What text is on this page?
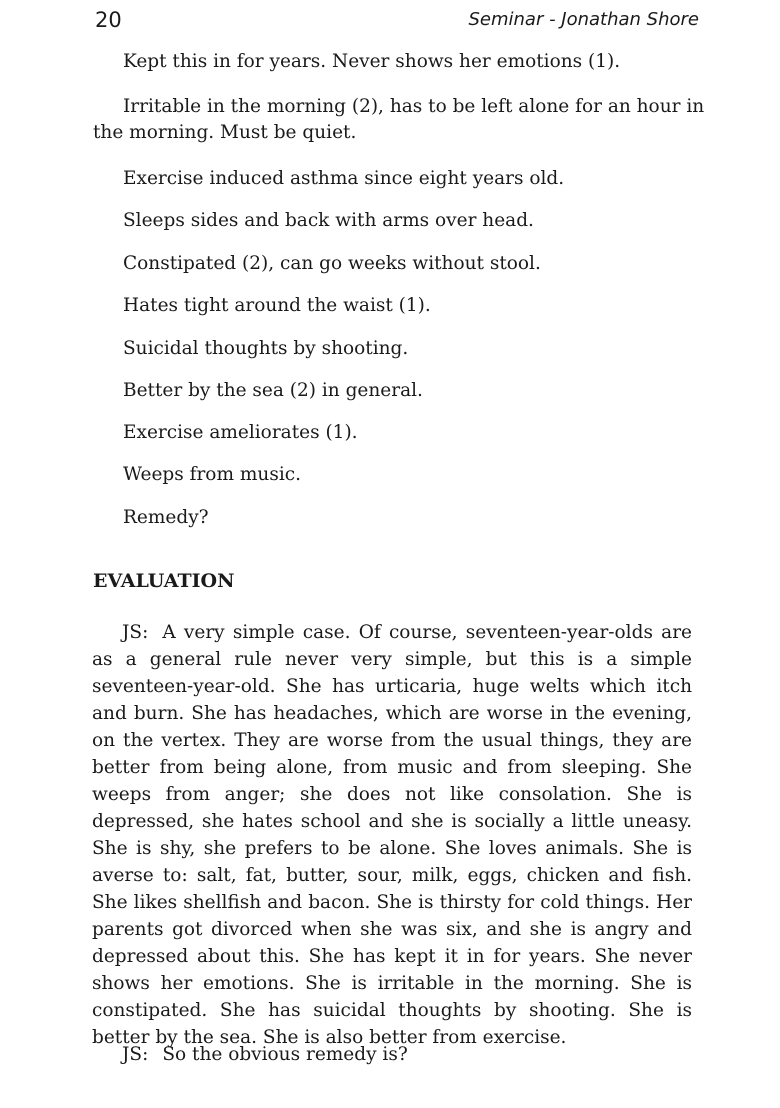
20	Seminar - Jonathan Shore
Kept this in for years. Never shows her emotions (1).
Irritable in the morning (2), has to be left alone for an hour in
the morning. Must be quiet.
Exercise induced asthma since eight years old.
Sleeps sides and back with arms over head.
Constipated (2), can go weeks without stool.
Hates tight around the waist (1).
Suicidal thoughts by shooting.
Better by the sea (2) in general.
Exercise ameliorates (1).
Weeps from music.
Remedy?
EVALUATION

JS: A very simple case. Of course, seventeen-year-olds are as a general rule never very simple, but this is a simple seventeen-year-old. She has urticaria, huge welts which itch and burn. She has headaches, which are worse in the evening, on the vertex. They are worse from the usual things, they are better from being alone, from music and from sleeping. She weeps from anger; she does not like consolation. She is depressed, she hates school and she is socially a little uneasy. She is shy, she prefers to be alone. She loves animals. She is averse to: salt, fat, butter, sour, milk, eggs, chicken and fish. She likes shellfish and bacon. She is thirsty for cold things. Her parents got divorced when she was six, and she is angry and depressed about this. She has kept it in for years. She never shows her emotions. She is irritable in the morning. She is constipated. She has suicidal thoughts by shooting. She is better by the sea. She is also better from exercise.

JS: So the obvious remedy is?
